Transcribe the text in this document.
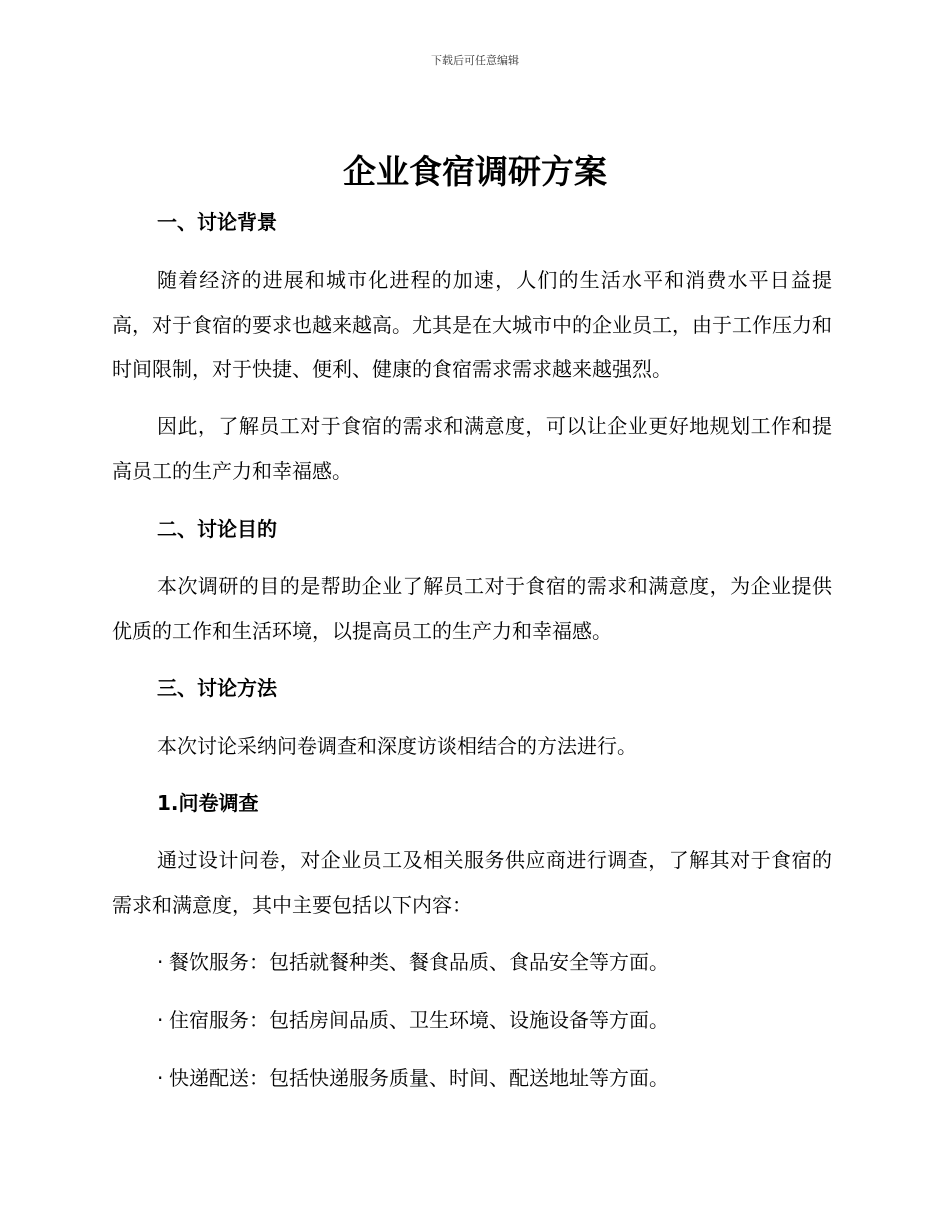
下载后可任意编辑
企业食宿调研方案
一、讨论背景
随着经济的进展和城市化进程的加速，人们的生活水平和消费水平日益提高，对于食宿的要求也越来越高。尤其是在大城市中的企业员工，由于工作压力和时间限制，对于快捷、便利、健康的食宿需求需求越来越强烈。
因此，了解员工对于食宿的需求和满意度，可以让企业更好地规划工作和提高员工的生产力和幸福感。
二、讨论目的
本次调研的目的是帮助企业了解员工对于食宿的需求和满意度，为企业提供优质的工作和生活环境，以提高员工的生产力和幸福感。
三、讨论方法
本次讨论采纳问卷调查和深度访谈相结合的方法进行。
1.问卷调查
通过设计问卷，对企业员工及相关服务供应商进行调查，了解其对于食宿的需求和满意度，其中主要包括以下内容：
· 餐饮服务：包括就餐种类、餐食品质、食品安全等方面。
· 住宿服务：包括房间品质、卫生环境、设施设备等方面。
· 快递配送：包括快递服务质量、时间、配送地址等方面。
